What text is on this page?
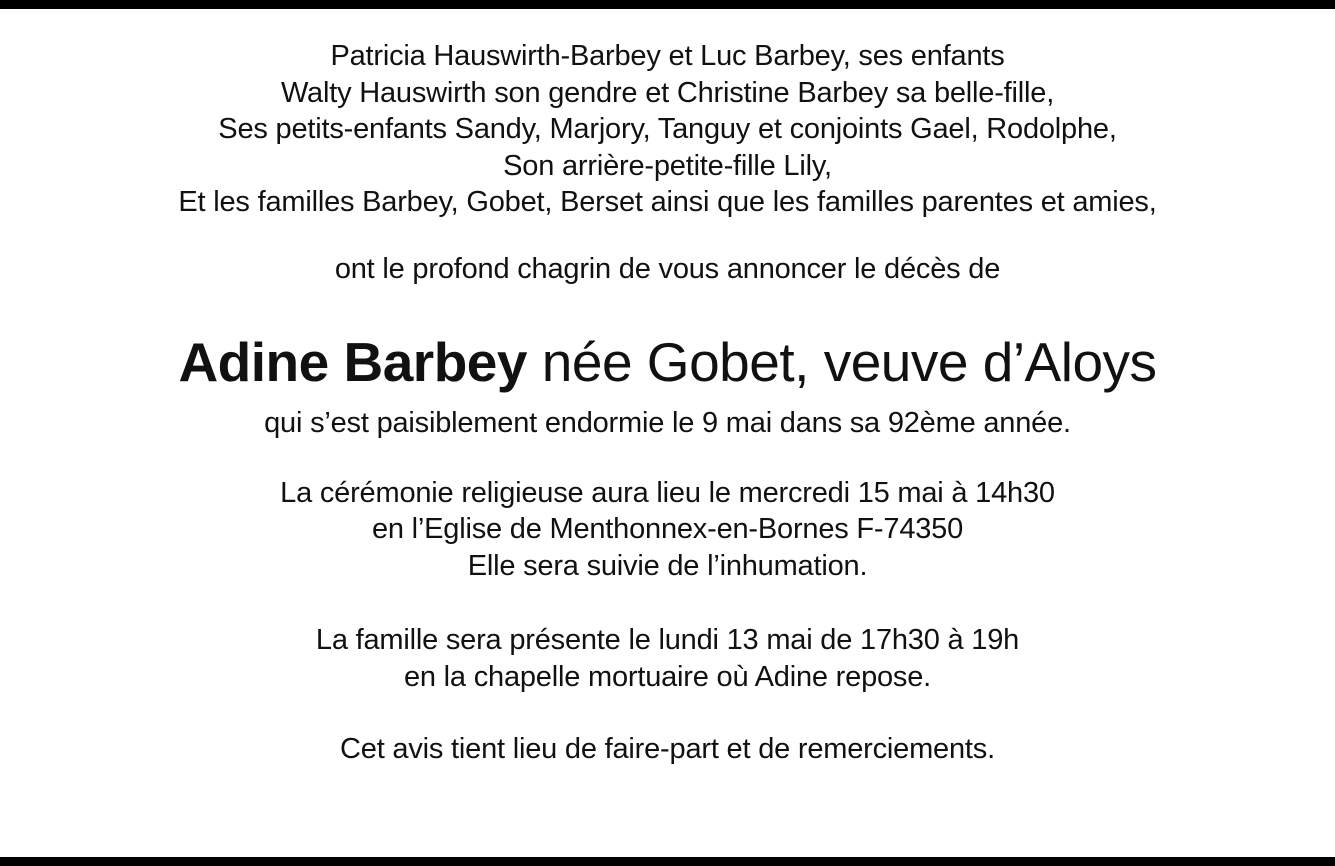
Patricia Hauswirth-Barbey et Luc Barbey, ses enfants
Walty Hauswirth son gendre et Christine Barbey sa belle-fille,
Ses petits-enfants Sandy, Marjory, Tanguy et conjoints Gael, Rodolphe,
Son arrière-petite-fille Lily,
Et les familles Barbey, Gobet, Berset ainsi que les familles parentes et amies,
ont le profond chagrin de vous annoncer le décès de
Adine Barbey née Gobet, veuve d’Aloys
qui s’est paisiblement endormie le 9 mai dans sa 92ème année.
La cérémonie religieuse aura lieu le mercredi 15 mai à 14h30
en l’Eglise de Menthonnex-en-Bornes F-74350
Elle sera suivie de l’inhumation.
La famille sera présente le lundi 13 mai de 17h30 à 19h
en la chapelle mortuaire où Adine repose.
Cet avis tient lieu de faire-part et de remerciements.
